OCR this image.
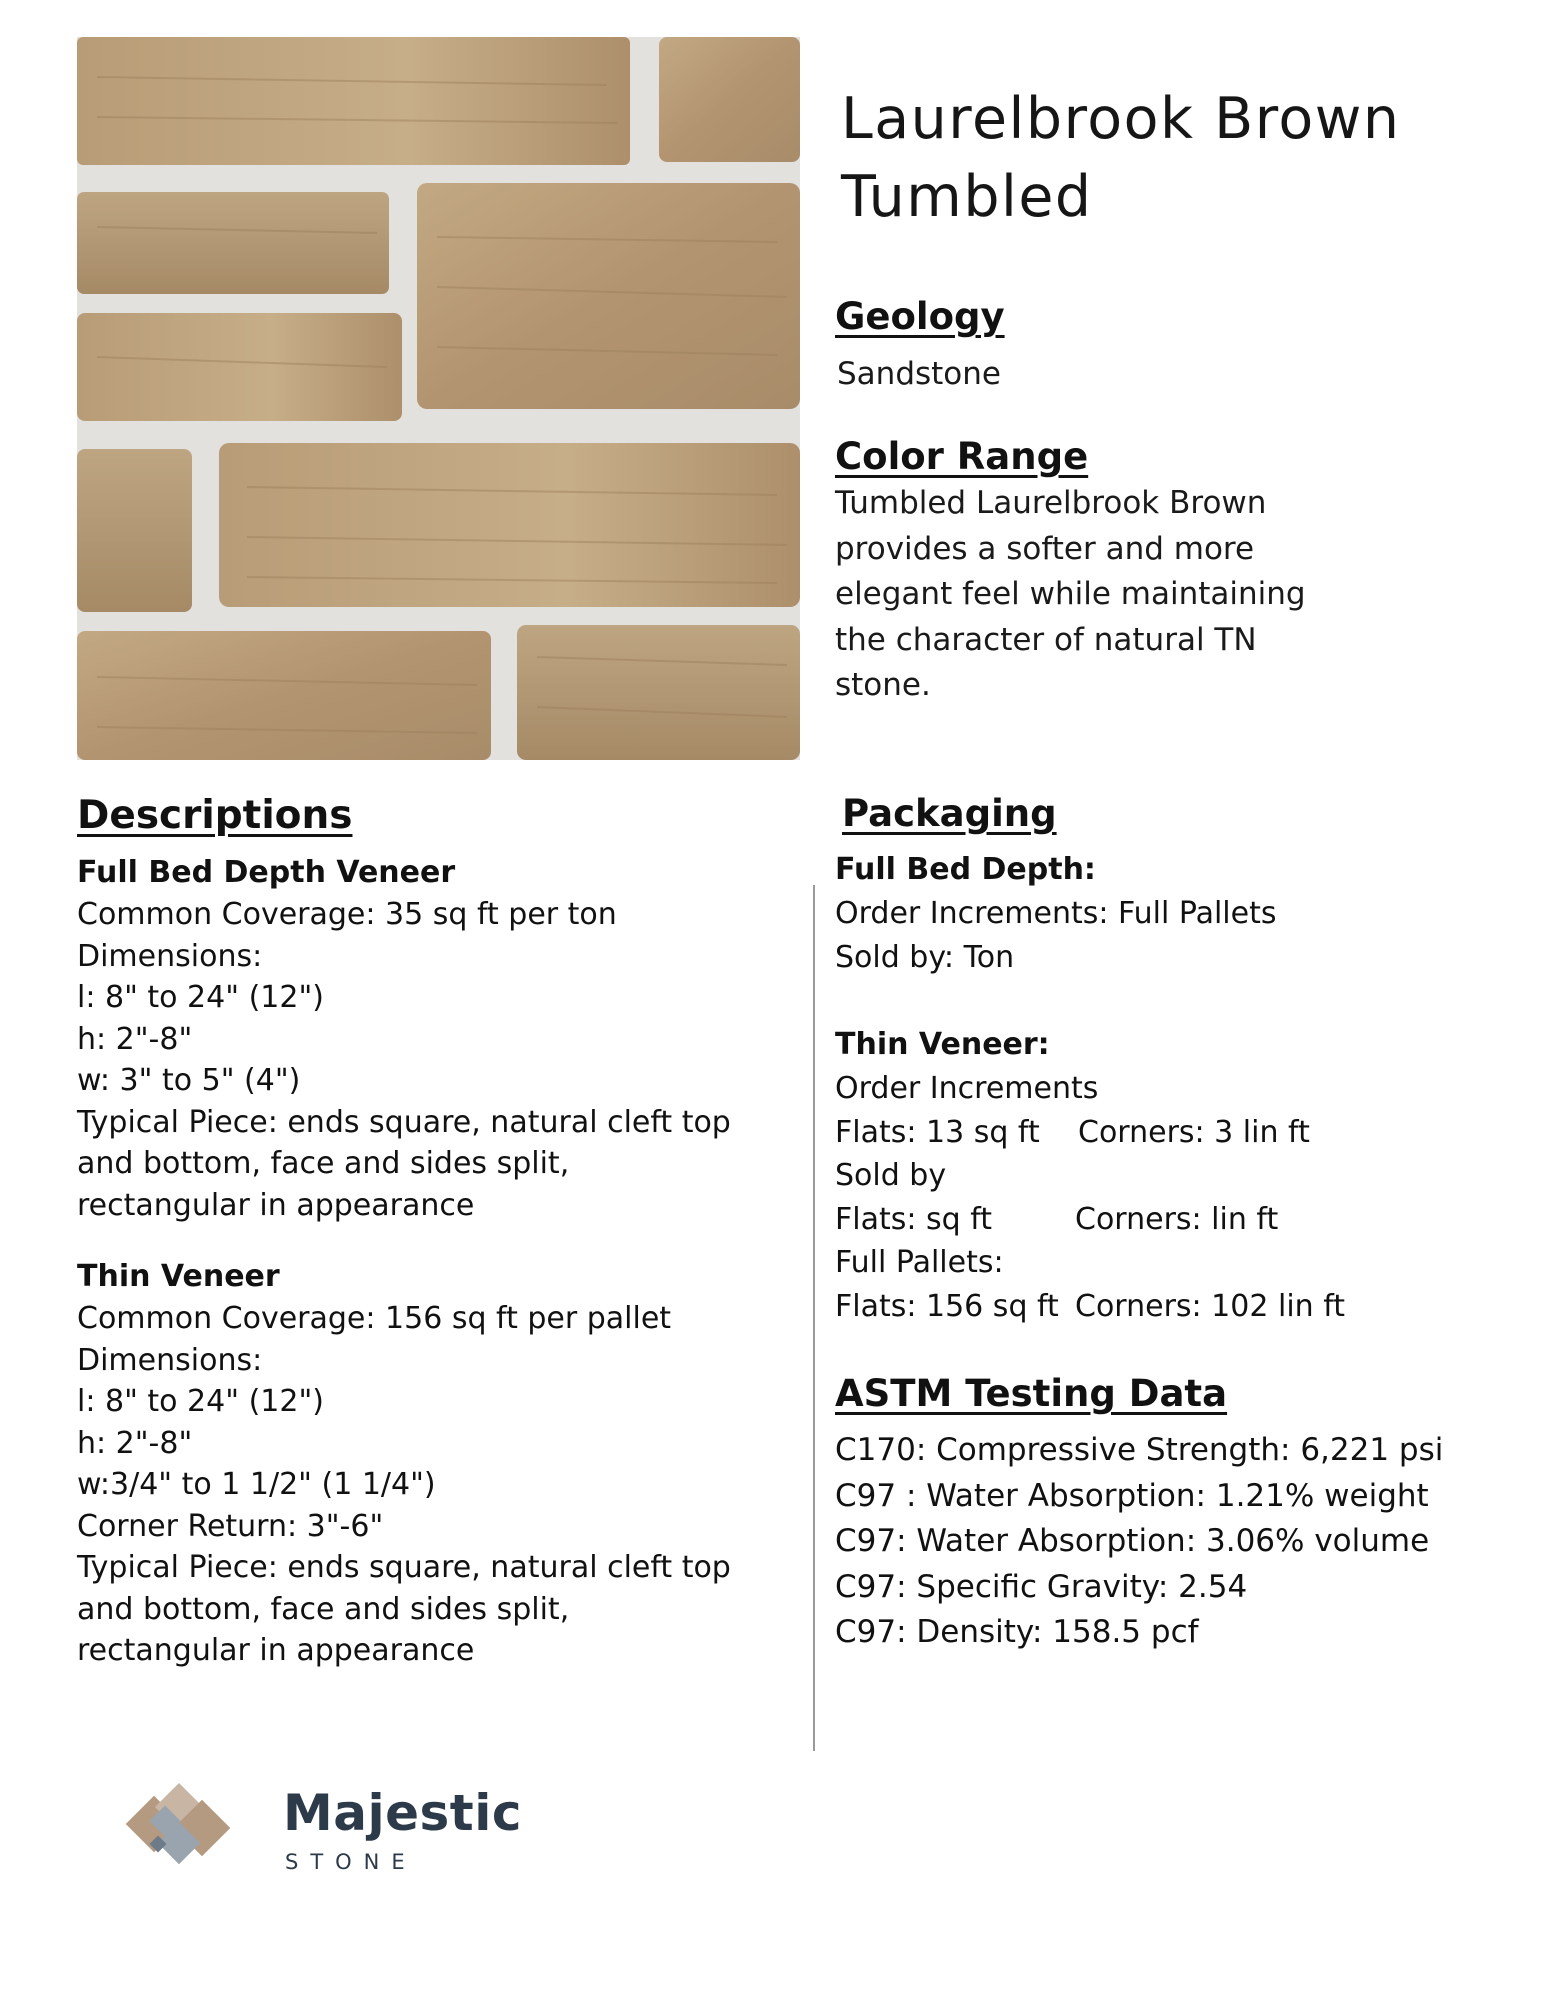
Laurelbrook Brown Tumbled
Geology

Sandstone

Color Range
Tumbled Laurelbrook Brown
provides a softer and more
elegant feel while maintaining
the character of natural TN
stone.
Descriptions

Full Bed Depth Veneer

Common Coverage: 35 sq ft per ton

Dimensions:

l: 8" to 24" (12")

h: 2"-8"

w: 3" to 5" (4")

Typical Piece: ends square, natural cleft top

and bottom, face and sides split,

rectangular in appearance

Thin Veneer

Common Coverage: 156 sq ft per pallet

Dimensions:

l: 8" to 24" (12")

h: 2"-8"

w:3/4" to 1 1/2" (1 1/4")

Corner Return: 3"-6"

Typical Piece: ends square, natural cleft top

and bottom, face and sides split,

rectangular in appearance

Packaging

Full Bed Depth:

Order Increments: Full Pallets

Sold by: Ton

Thin Veneer:

Order Increments

Flats: 13 sq ft	Corners: 3 lin ft

Sold by

Flats: sq ft	Corners: lin ft

Full Pallets:

Flats: 156 sq ft Corners: 102 lin ft
ASTM Testing Data

C170: Compressive Strength: 6,221 psi

C97 : Water Absorption: 1.21% weight

C97: Water Absorption: 3.06% volume

C97: Specific Gravity: 2.54

C97: Density: 158.5 pcf

Majestic

STONE
